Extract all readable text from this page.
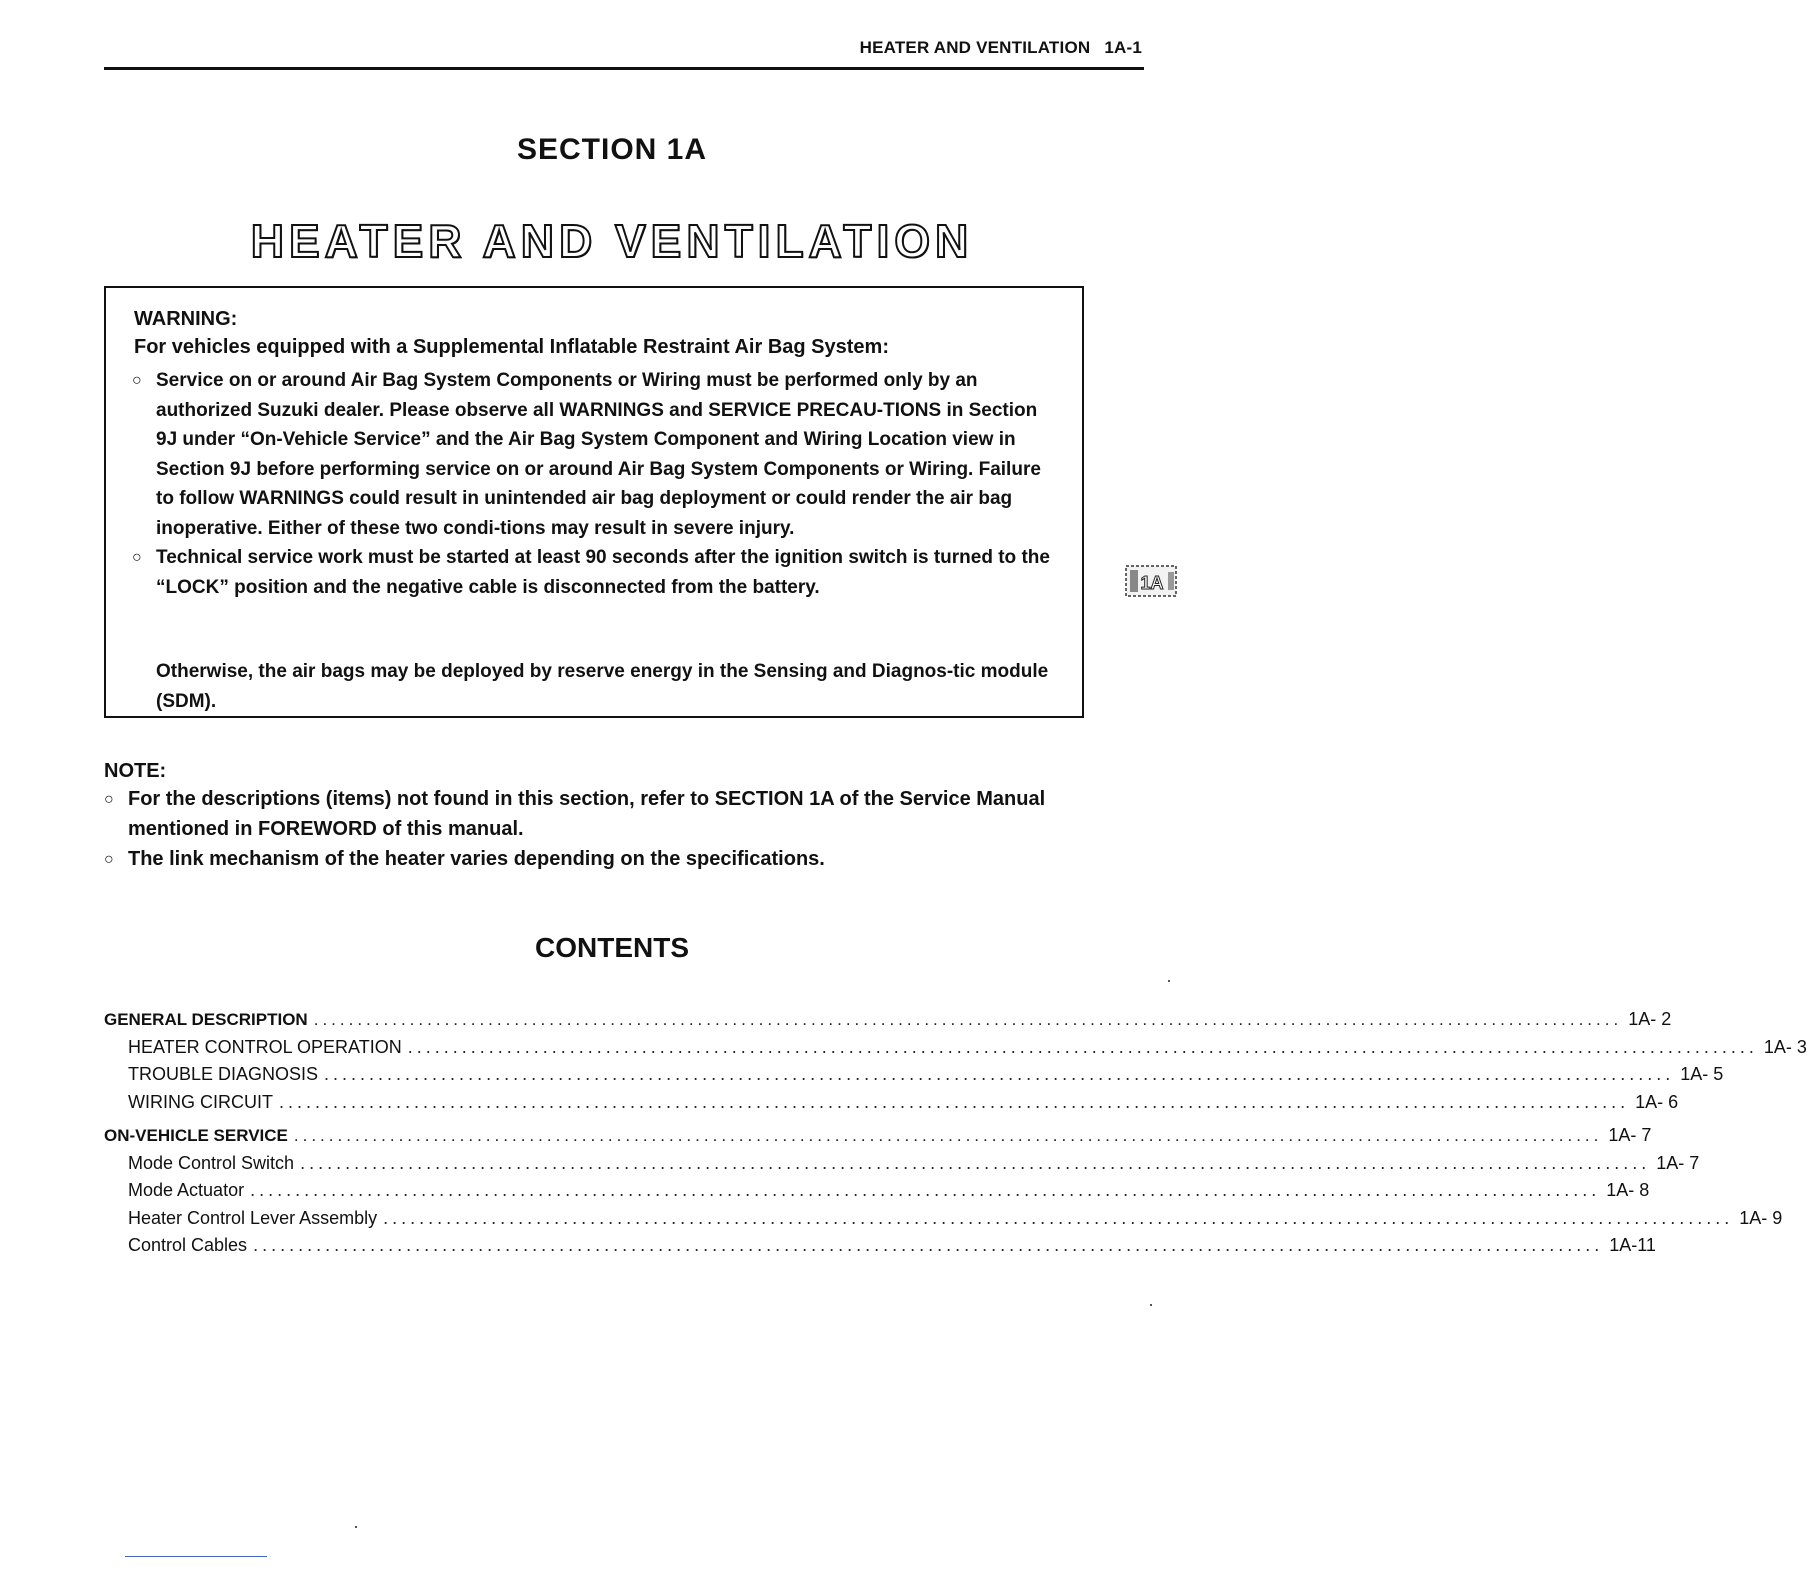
HEATER AND VENTILATION 1A-1
SECTION 1A
HEATER AND VENTILATION
WARNING:
For vehicles equipped with a Supplemental Inflatable Restraint Air Bag System:
○ Service on or around Air Bag System Components or Wiring must be performed only by an authorized Suzuki dealer. Please observe all WARNINGS and SERVICE PRECAU-TIONS in Section 9J under “On-Vehicle Service” and the Air Bag System Component and Wiring Location view in Section 9J before performing service on or around Air Bag System Components or Wiring. Failure to follow WARNINGS could result in unintended air bag deployment or could render the air bag inoperative. Either of these two condi-tions may result in severe injury.
○ Technical service work must be started at least 90 seconds after the ignition switch is turned to the “LOCK” position and the negative cable is disconnected from the battery.
Otherwise, the air bags may be deployed by reserve energy in the Sensing and Diagnos-tic module (SDM).
1A
NOTE:
○ For the descriptions (items) not found in this section, refer to SECTION 1A of the Service Manual mentioned in FOREWORD of this manual.
○ The link mechanism of the heater varies depending on the specifications.
CONTENTS
GENERAL DESCRIPTION ...................................................................................................................................................... 1A- 2
HEATER CONTROL OPERATION ...................................................................................................................................................... 1A- 3
TROUBLE DIAGNOSIS ...................................................................................................................................................... 1A- 5
WIRING CIRCUIT ...................................................................................................................................................... 1A- 6
ON-VEHICLE SERVICE ...................................................................................................................................................... 1A- 7
Mode Control Switch ...................................................................................................................................................... 1A- 7
Mode Actuator ...................................................................................................................................................... 1A- 8
Heater Control Lever Assembly ...................................................................................................................................................... 1A- 9
Control Cables ...................................................................................................................................................... 1A-11
